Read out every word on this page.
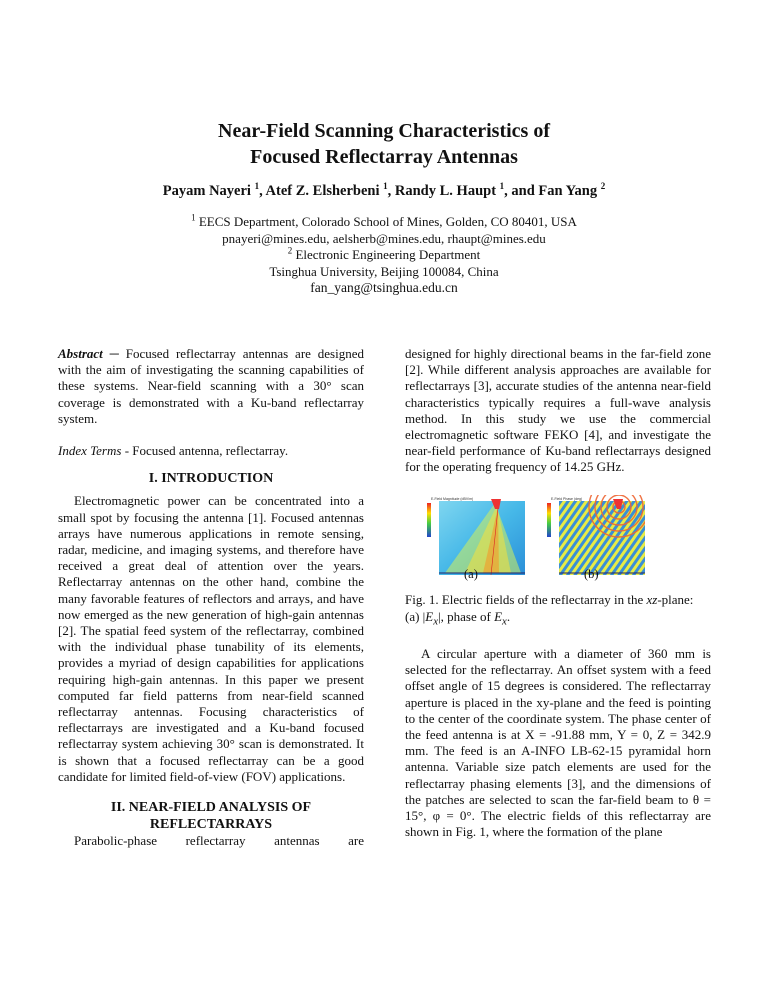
Near-Field Scanning Characteristics of
Focused Reflectarray Antennas
Payam Nayeri $^1$, Atef Z. Elsherbeni $^1$, Randy L. Haupt $^1$, and Fan Yang $^2$
$^1$ EECS Department, Colorado School of Mines, Golden, CO 80401, USA
pnayeri@mines.edu, aelsherb@mines.edu, rhaupt@mines.edu
$^2$ Electronic Engineering Department
Tsinghua University, Beijing 100084, China
fan_yang@tsinghua.edu.cn

Abstract ─ Focused reflectarray antennas are designed with the aim of investigating the scanning capabilities of these systems. Near-field scanning with a 30° scan coverage is demonstrated with a Ku-band reflectarray system.

Index Terms - Focused antenna, reflectarray.

I. INTRODUCTION

Electromagnetic power can be concentrated into a small spot by focusing the antenna [1]. Focused antennas arrays have numerous applications in remote sensing, radar, medicine, and imaging systems, and therefore have received a great deal of attention over the years. Reflectarray antennas on the other hand, combine the many favorable features of reflectors and arrays, and have now emerged as the new generation of high-gain antennas [2]. The spatial feed system of the reflectarray, combined with the individual phase tunability of its elements, provides a myriad of design capabilities for applications requiring high-gain antennas. In this paper we present computed far field patterns from near-field scanned reflectarray antennas. Focusing characteristics of reflectarrays are investigated and a Ku-band focused reflectarray system achieving 30° scan is demonstrated. It is shown that a focused reflectarray can be a good candidate for limited field-of-view (FOV) applications.

II. NEAR-FIELD ANALYSIS OF
REFLECTARRAYS

Parabolic-phase reflectarray antennas are

designed for highly directional beams in the far-field zone [2]. While different analysis approaches are available for reflectarrays [3], accurate studies of the antenna near-field characteristics typically requires a full-wave analysis method. In this study we use the commercial electromagnetic software FEKO [4], and investigate the near-field performance of Ku-band reflectarrays designed for the operating frequency of 14.25 GHz.

E-Field Magnitude (dBV/m)	E-Field Phase (deg)
(a)	(b)
Fig. 1. Electric fields of the reflectarray in the xz-plane: (a) $|E_x|$, phase of $E_x$.

A circular aperture with a diameter of 360 mm is selected for the reflectarray. An offset system with a feed offset angle of 15 degrees is considered. The reflectarray aperture is placed in the xy-plane and the feed is pointing to the center of the coordinate system. The phase center of the feed antenna is at X = -91.88 mm, Y = 0, Z = 342.9 mm. The feed is an A-INFO LB-62-15 pyramidal horn antenna. Variable size patch elements are used for the reflectarray phasing elements [3], and the dimensions of the patches are selected to scan the far-field beam to θ = 15°, φ = 0°. The electric fields of this reflectarray are shown in Fig. 1, where the formation of the plane
